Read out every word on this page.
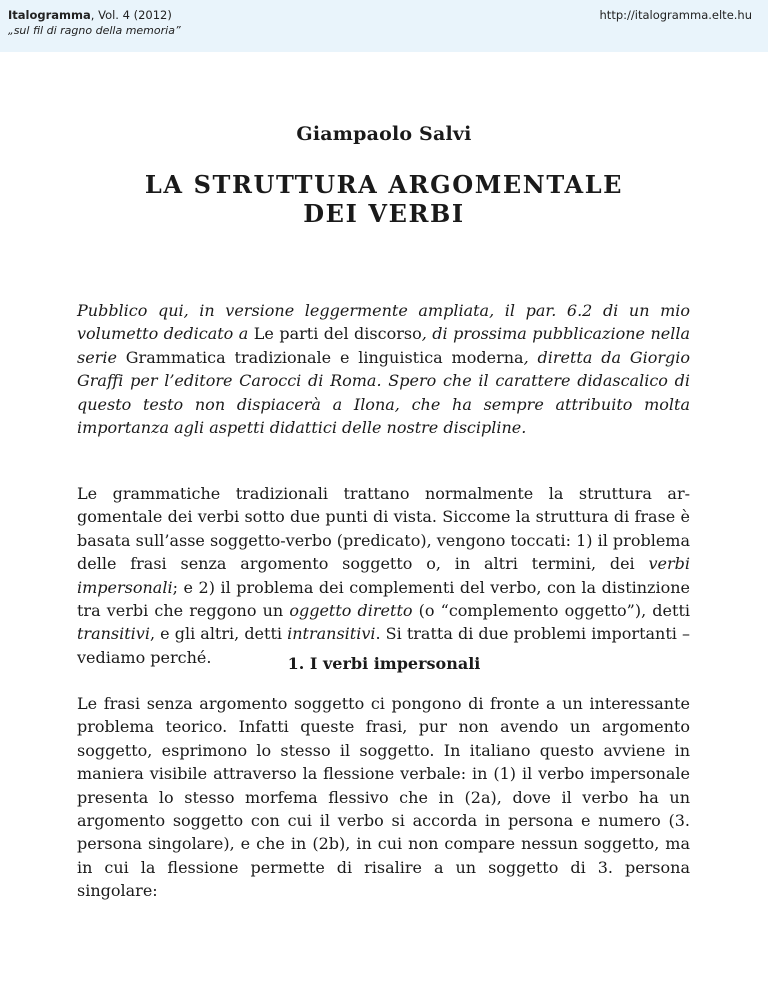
Italogramma, Vol. 4 (2012)
„sul fil di ragno della memoria”
http://italogramma.elte.hu
Giampaolo Salvi
LA STRUTTURA ARGOMENTALE
DEI VERBI
Pubblico qui, in versione leggermente ampliata, il par. 6.2 di un mio volumetto dedicato a Le parti del discorso, di prossima pubblicazione nella serie Grammatica tradizionale e linguistica moderna, diretta da Giorgio Graffi per l’editore Carocci di Roma. Spero che il carattere didascalico di questo testo non dispiacerà a Ilona, che ha sempre attribuito molta importanza agli aspetti didattici delle nostre discipline.
Le grammatiche tradizionali trattano normalmente la struttura argomentale dei verbi sotto due punti di vista. Siccome la struttura di frase è basata sull’asse soggetto-verbo (predicato), vengono toccati: 1) il problema delle frasi senza argomento soggetto o, in altri termini, dei verbi impersonali; e 2) il problema dei complementi del verbo, con la distinzione tra verbi che reggono un oggetto diretto (o “complemento oggetto”), detti transitivi, e gli altri, detti intransitivi. Si tratta di due problemi importanti – vediamo perché.	1. I verbi impersonali
Le frasi senza argomento soggetto ci pongono di fronte a un interessante problema teorico. Infatti queste frasi, pur non avendo un argomento soggetto, esprimono lo stesso il soggetto. In italiano questo avviene in maniera visibile attraverso la flessione verbale: in (1) il verbo impersonale presenta lo stesso morfema flessivo che in (2a), dove il verbo ha un argomento soggetto con cui il verbo si accorda in persona e numero (3. persona singolare), e che in (2b), in cui non compare nessun soggetto, ma in cui la flessione permette di risalire a un soggetto di 3. persona singolare:
